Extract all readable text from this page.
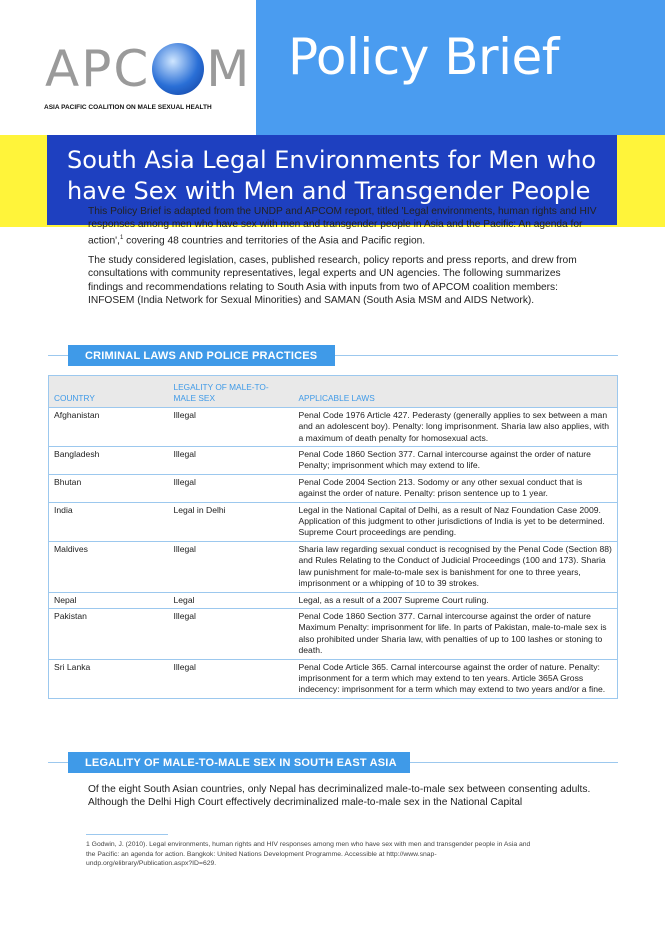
Policy Brief
APC M
ASIA PACIFIC COALITION ON MALE SEXUAL HEALTH
South Asia Legal Environments for Men who
have Sex with Men and Transgender People
This Policy Brief is adapted from the UNDP and APCOM report, titled 'Legal environments, human rights and HIV responses among men who have sex with men and transgender people in Asia and the Pacific: An agenda for action',$^1$ covering 48 countries and territories of the Asia and Pacific region.
The study considered legislation, cases, published research, policy reports and press reports, and drew from consultations with community representatives, legal experts and UN agencies. The following summarizes findings and recommendations relating to South Asia with inputs from two of APCOM coalition members: INFOSEM (India Network for Sexual Minorities) and SAMAN (South Asia MSM and AIDS Network).
CRIMINAL LAWS AND POLICE PRACTICES
COUNTRY	LEGALITY OF MALE-TO-MALE SEX	APPLICABLE LAWS
Afghanistan	Illegal	Penal Code 1976 Article 427. Pederasty (generally applies to sex between a man and an adolescent boy). Penalty: long imprisonment. Sharia law also applies, with a maximum of death penalty for homosexual acts.
Bangladesh	Illegal	Penal Code 1860 Section 377. Carnal intercourse against the order of nature Penalty; imprisonment which may extend to life.
Bhutan	Illegal	Penal Code 2004 Section 213. Sodomy or any other sexual conduct that is against the order of nature. Penalty: prison sentence up to 1 year.
India	Legal in Delhi	Legal in the National Capital of Delhi, as a result of Naz Foundation Case 2009. Application of this judgment to other jurisdictions of India is yet to be determined. Supreme Court proceedings are pending.
Maldives	Illegal	Sharia law regarding sexual conduct is recognised by the Penal Code (Section 88) and Rules Relating to the Conduct of Judicial Proceedings (100 and 173). Sharia law punishment for male-to-male sex is banishment for one to three years, imprisonment or a whipping of 10 to 39 strokes.
Nepal	Legal	Legal, as a result of a 2007 Supreme Court ruling.
Pakistan	Illegal	Penal Code 1860 Section 377. Carnal intercourse against the order of nature Maximum Penalty: imprisonment for life. In parts of Pakistan, male-to-male sex is also prohibited under Sharia law, with penalties of up to 100 lashes or stoning to death.
Sri Lanka	Illegal	Penal Code Article 365. Carnal intercourse against the order of nature. Penalty: imprisonment for a term which may extend to ten years. Article 365A Gross indecency: imprisonment for a term which may extend to two years and/or a fine.
LEGALITY OF MALE-TO-MALE SEX IN SOUTH EAST ASIA
Of the eight South Asian countries, only Nepal has decriminalized male-to-male sex between consenting adults. Although the Delhi High Court effectively decriminalized male-to-male sex in the National Capital
1 Godwin, J. (2010). Legal environments, human rights and HIV responses among men who have sex with men and transgender people in Asia and the Pacific: an agenda for action. Bangkok: United Nations Development Programme. Accessible at http://www.snap-undp.org/elibrary/Publication.aspx?ID=629.
